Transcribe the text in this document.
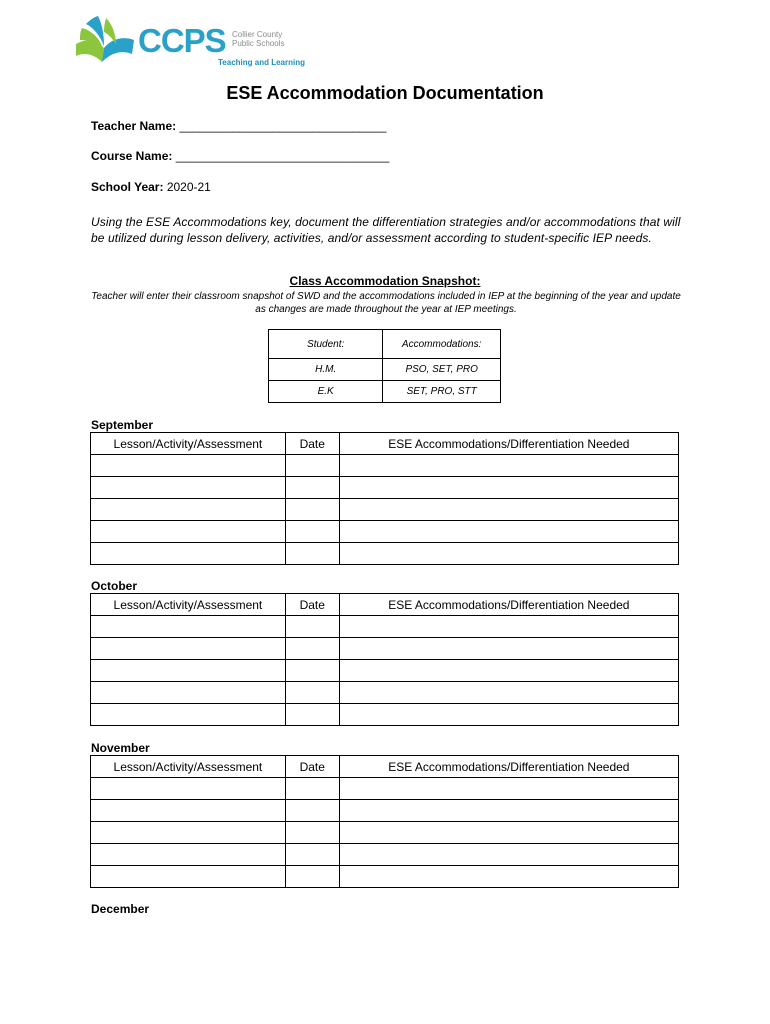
CCPS Collier County
Public Schools
Teaching and Learning
ESE Accommodation Documentation
Teacher Name: _______________________________
Course Name: ________________________________
School Year: 2020-21
Using the ESE Accommodations key, document the differentiation strategies and/or accommodations that will be utilized during lesson delivery, activities, and/or assessment according to student-specific IEP needs.
Class Accommodation Snapshot:
Teacher will enter their classroom snapshot of SWD and the accommodations included in IEP at the beginning of the year and update as changes are made throughout the year at IEP meetings.
Student:	Accommodations:
H.M.	PSO, SET, PRO
E.K	SET, PRO, STT
September
Lesson/Activity/Assessment	Date	ESE Accommodations/Differentiation Needed

October
Lesson/Activity/Assessment	Date	ESE Accommodations/Differentiation Needed

November
Lesson/Activity/Assessment	Date	ESE Accommodations/Differentiation Needed

December
